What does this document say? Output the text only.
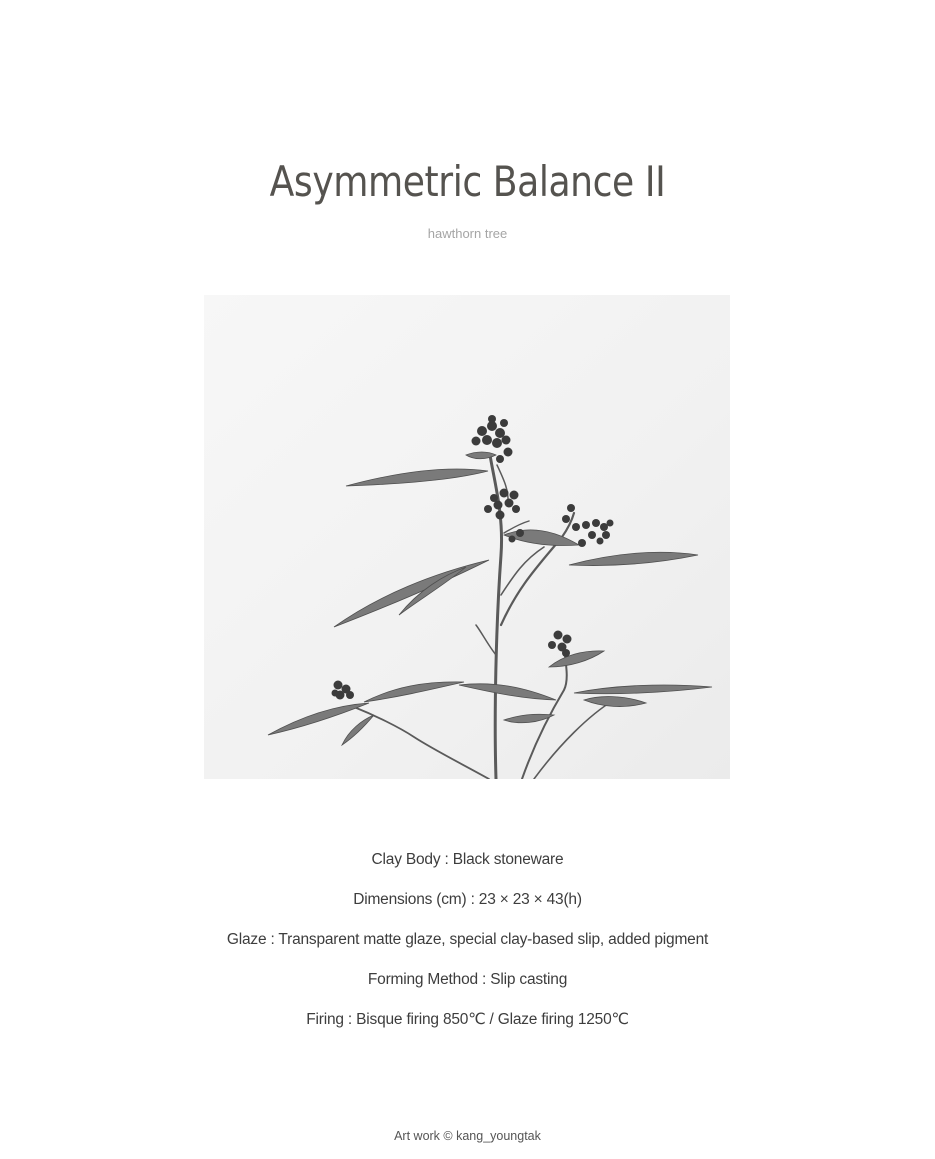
Asymmetric Balance II

hawthorn tree

Clay Body : Black stoneware
Dimensions (cm) : 23 × 23 × 43(h)
Glaze : Transparent matte glaze, special clay-based slip, added pigment
Forming Method : Slip casting
Firing : Bisque firing 850℃ / Glaze firing 1250℃
Art work © kang_youngtak
